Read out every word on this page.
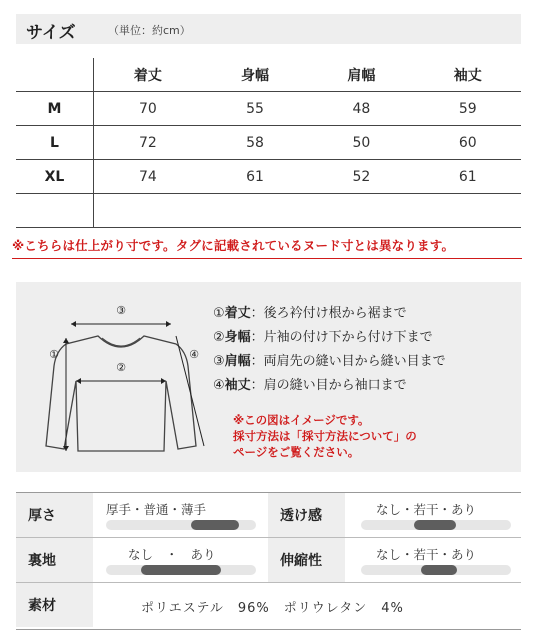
サイズ	（単位：約cm）
	着丈	身幅	肩幅	袖丈
M	70	55	48	59
L	72	58	50	60
XL	74	61	52	61

※こちらは仕上がり寸です。タグに記載されているヌード寸とは異なります。
③
②
①	④
①着丈：後ろ衿付け根から裾まで
②身幅：片袖の付け下から付け下まで
③肩幅：両肩先の縫い目から縫い目まで
④袖丈：肩の縫い目から袖口まで
※この図はイメージです。
採寸方法は「採寸方法について」の
ページをご覧ください。
厚さ	厚手・普通・薄手	透け感	なし・若干・あり
裏地	なし　・　あり	伸縮性	なし・若干・あり
素材	ポリエステル　96%　ポリウレタン　4%
